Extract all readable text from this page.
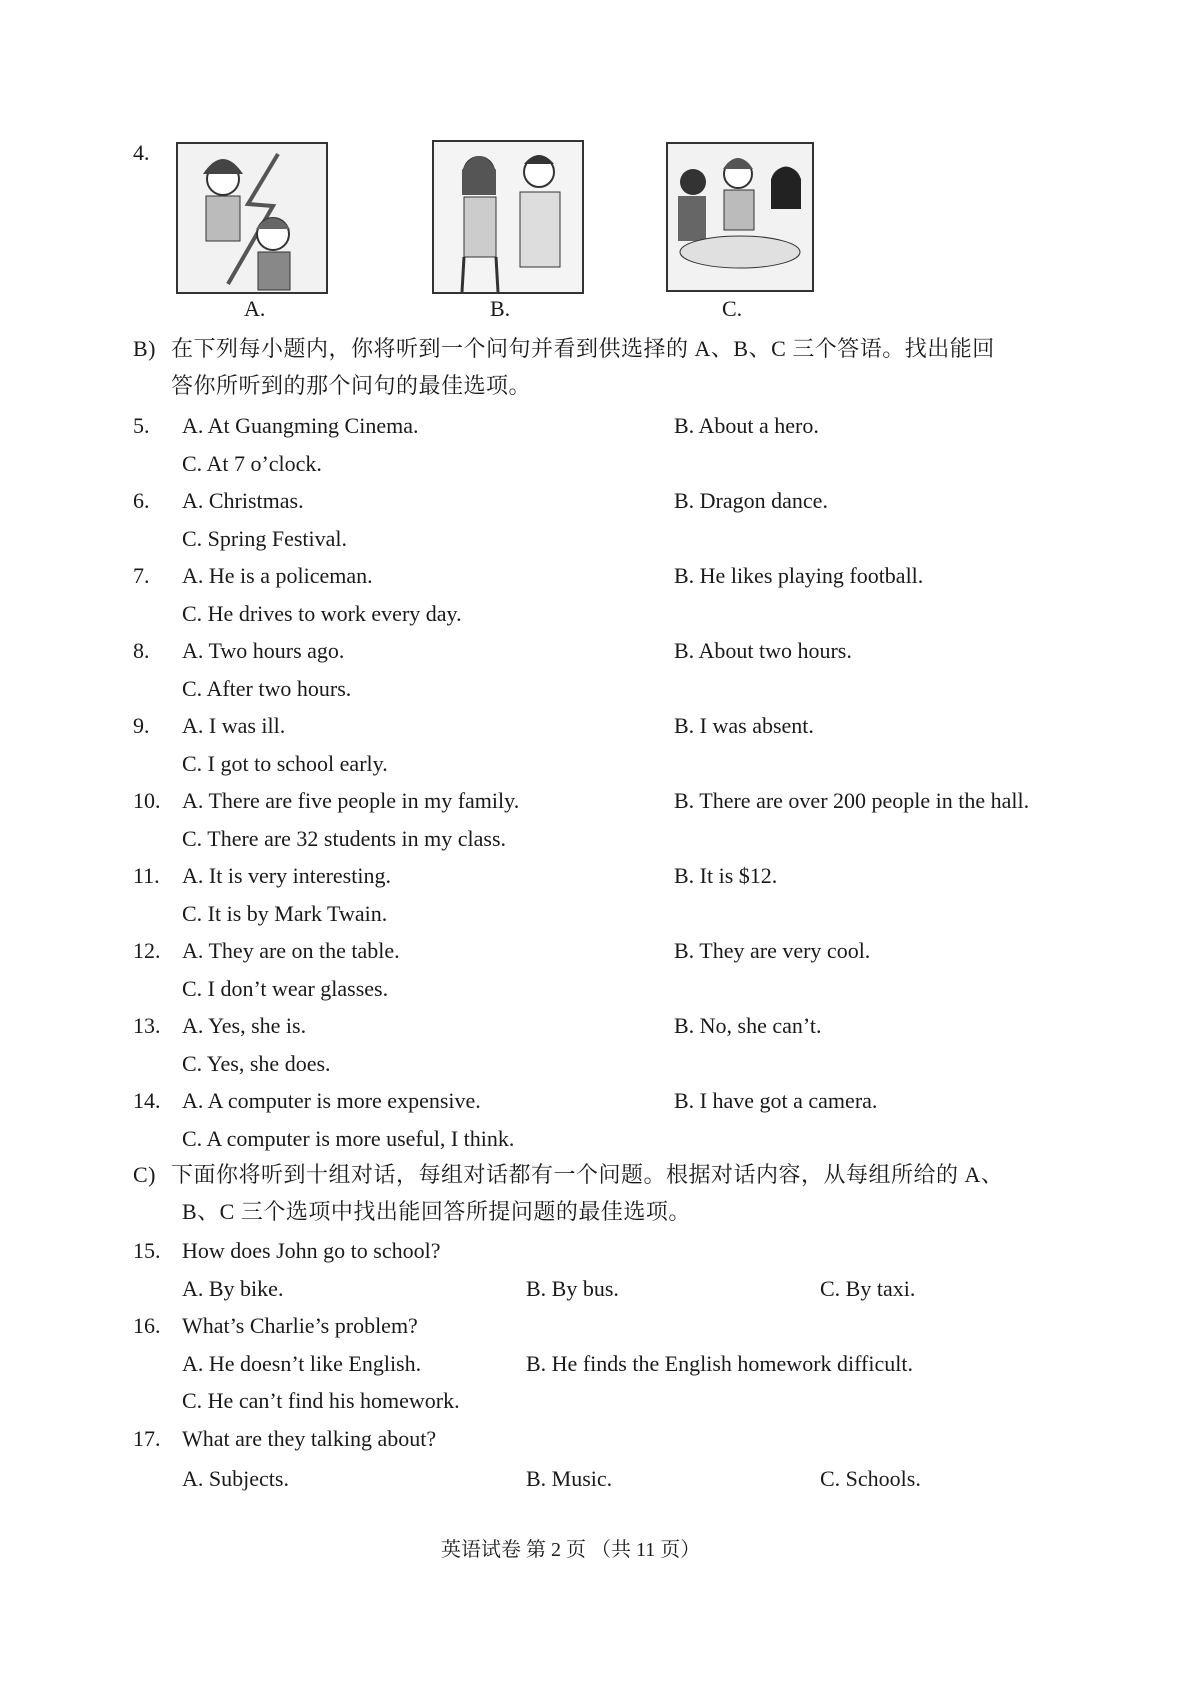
4.
A.	B.	C.
B) 在下列每小题内，你将听到一个问句并看到供选择的 A、B、C 三个答语。找出能回
答你所听到的那个问句的最佳选项。
5. A. At Guangming Cinema.	B. About a hero.
C. At 7 o’clock.
6. A. Christmas.	B. Dragon dance.
C. Spring Festival.
7. A. He is a policeman.	B. He likes playing football.
C. He drives to work every day.
8. A. Two hours ago.	B. About two hours.
C. After two hours.
9. A. I was ill.	B. I was absent.
C. I got to school early.
10. A. There are five people in my family.	B. There are over 200 people in the hall.
C. There are 32 students in my class.
11. A. It is very interesting.	B. It is $12.
C. It is by Mark Twain.
12. A. They are on the table.	B. They are very cool.
C. I don’t wear glasses.
13. A. Yes, she is.	B. No, she can’t.
C. Yes, she does.
14. A. A computer is more expensive.	B. I have got a camera.
C. A computer is more useful, I think.
C) 下面你将听到十组对话，每组对话都有一个问题。根据对话内容，从每组所给的 A、
B、C 三个选项中找出能回答所提问题的最佳选项。
15. How does John go to school?
A. By bike.	B. By bus.	C. By taxi.
16. What’s Charlie’s problem?
A. He doesn’t like English.	B. He finds the English homework difficult.
C. He can’t find his homework.
17. What are they talking about?
A. Subjects.	B. Music.	C. Schools.
英语试卷 第 2 页 （共 11 页）
